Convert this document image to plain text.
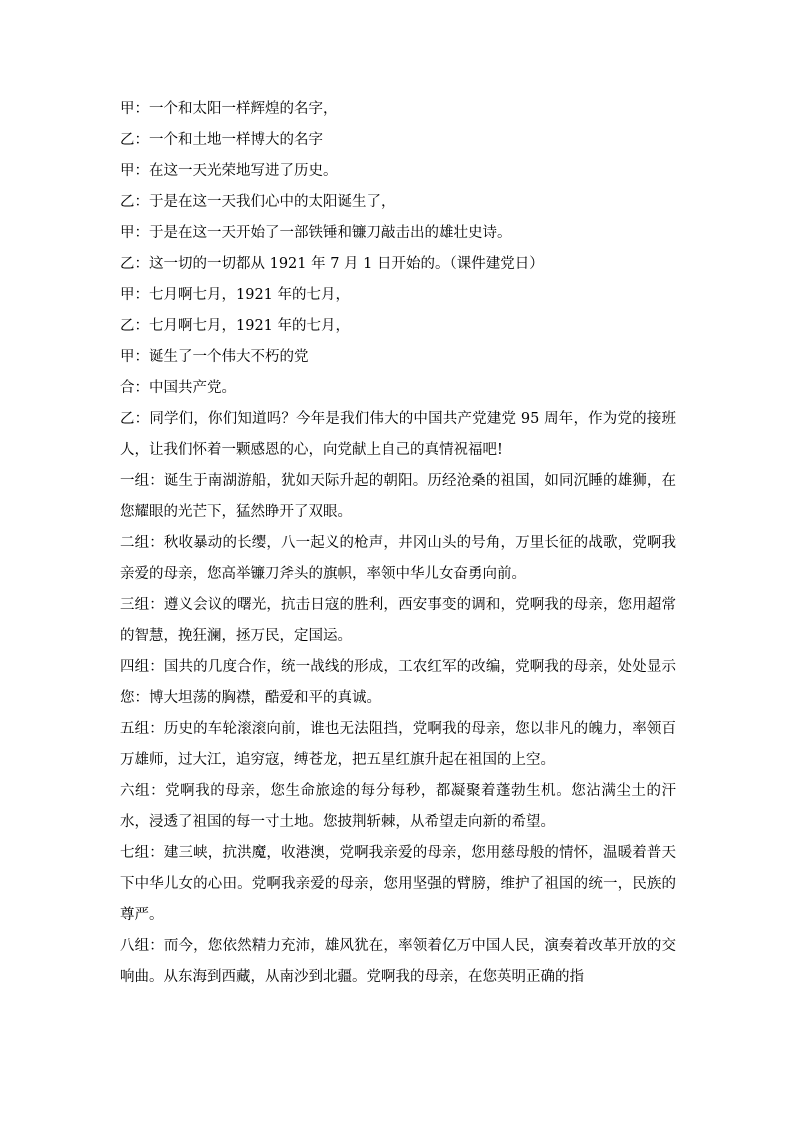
甲：一个和太阳一样辉煌的名字，

乙：一个和土地一样博大的名字

甲：在这一天光荣地写进了历史。

乙：于是在这一天我们心中的太阳诞生了，

甲：于是在这一天开始了一部铁锤和镰刀敲击出的雄壮史诗。

乙：这一切的一切都从 1921 年 7 月 1 日开始的。（课件建党日）

甲：七月啊七月，1921 年的七月，

乙：七月啊七月，1921 年的七月，

甲：诞生了一个伟大不朽的党

合：中国共产党。

乙：同学们，你们知道吗？今年是我们伟大的中国共产党建党 95 周年，作为党的接班人，让我们怀着一颗感恩的心，向党献上自己的真情祝福吧!

一组：诞生于南湖游船，犹如天际升起的朝阳。历经沧桑的祖国，如同沉睡的雄狮，在您耀眼的光芒下，猛然睁开了双眼。

二组：秋收暴动的长缨，八一起义的枪声，井冈山头的号角，万里长征的战歌，党啊我亲爱的母亲，您高举镰刀斧头的旗帜，率领中华儿女奋勇向前。

三组：遵义会议的曙光，抗击日寇的胜利，西安事变的调和，党啊我的母亲，您用超常的智慧，挽狂澜，拯万民，定国运。

四组：国共的几度合作，统一战线的形成，工农红军的改编，党啊我的母亲，处处显示您：博大坦荡的胸襟，酷爱和平的真诚。

五组：历史的车轮滚滚向前，谁也无法阻挡，党啊我的母亲，您以非凡的魄力，率领百万雄师，过大江，追穷寇，缚苍龙，把五星红旗升起在祖国的上空。

六组：党啊我的母亲，您生命旅途的每分每秒，都凝聚着蓬勃生机。您沾满尘土的汗水，浸透了祖国的每一寸土地。您披荆斩棘，从希望走向新的希望。

七组：建三峡，抗洪魔，收港澳，党啊我亲爱的母亲，您用慈母般的情怀，温暖着普天下中华儿女的心田。党啊我亲爱的母亲，您用坚强的臂膀，维护了祖国的统一，民族的尊严。

八组：而今，您依然精力充沛，雄风犹在，率领着亿万中国人民，演奏着改革开放的交响曲。从东海到西藏，从南沙到北疆。党啊我的母亲，在您英明正确的指
